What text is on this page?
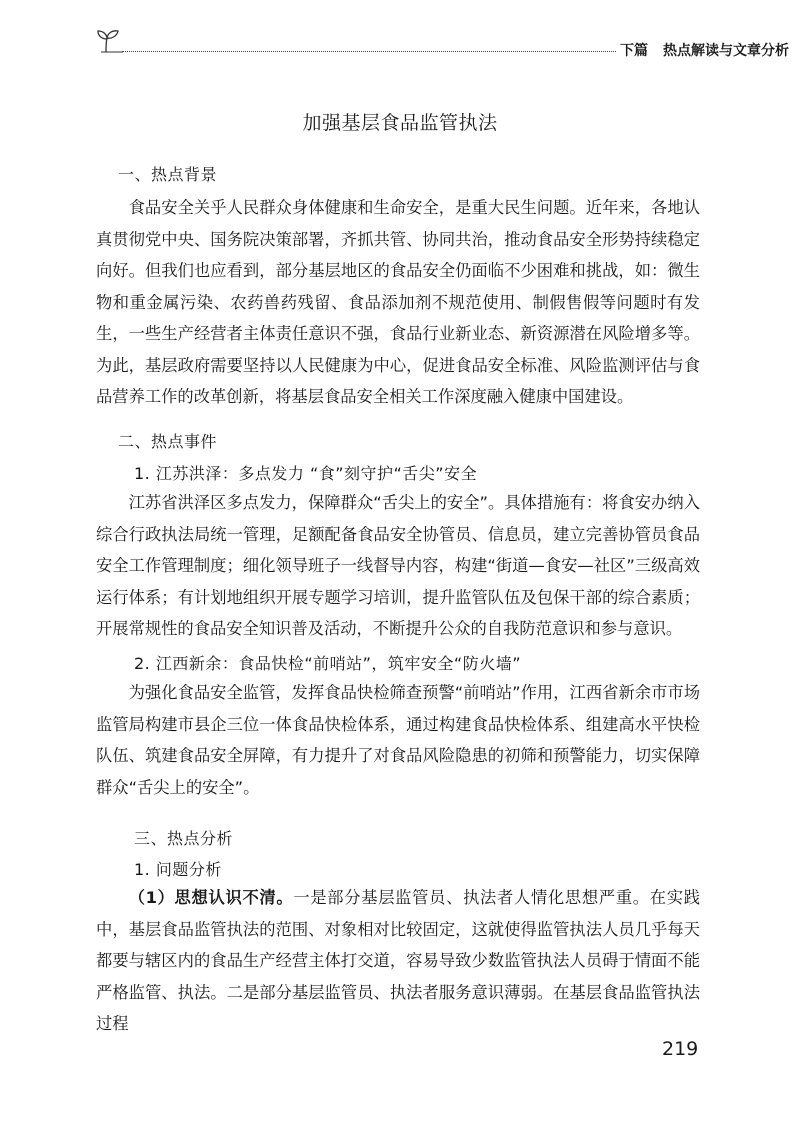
下篇 热点解读与文章分析
加强基层食品监管执法
一、热点背景

食品安全关乎人民群众身体健康和生命安全，是重大民生问题。近年来，各地认真贯彻党中央、国务院决策部署，齐抓共管、协同共治，推动食品安全形势持续稳定向好。但我们也应看到，部分基层地区的食品安全仍面临不少困难和挑战，如：微生物和重金属污染、农药兽药残留、食品添加剂不规范使用、制假售假等问题时有发生，一些生产经营者主体责任意识不强，食品行业新业态、新资源潜在风险增多等。为此，基层政府需要坚持以人民健康为中心，促进食品安全标准、风险监测评估与食品营养工作的改革创新，将基层食品安全相关工作深度融入健康中国建设。

二、热点事件
1. 江苏洪泽：多点发力 “食”刻守护“舌尖”安全

江苏省洪泽区多点发力，保障群众“舌尖上的安全”。具体措施有：将食安办纳入综合行政执法局统一管理，足额配备食品安全协管员、信息员，建立完善协管员食品安全工作管理制度；细化领导班子一线督导内容，构建“街道—食安—社区”三级高效运行体系；有计划地组织开展专题学习培训，提升监管队伍及包保干部的综合素质；开展常规性的食品安全知识普及活动，不断提升公众的自我防范意识和参与意识。

2. 江西新余：食品快检“前哨站”，筑牢安全“防火墙”

为强化食品安全监管，发挥食品快检筛查预警“前哨站”作用，江西省新余市市场监管局构建市县企三位一体食品快检体系，通过构建食品快检体系、组建高水平快检队伍、筑建食品安全屏障，有力提升了对食品风险隐患的初筛和预警能力，切实保障群众“舌尖上的安全”。

三、热点分析
1. 问题分析

（1）思想认识不清。一是部分基层监管员、执法者人情化思想严重。在实践中，基层食品监管执法的范围、对象相对比较固定，这就使得监管执法人员几乎每天都要与辖区内的食品生产经营主体打交道，容易导致少数监管执法人员碍于情面不能严格监管、执法。二是部分基层监管员、执法者服务意识薄弱。在基层食品监管执法过程

219
